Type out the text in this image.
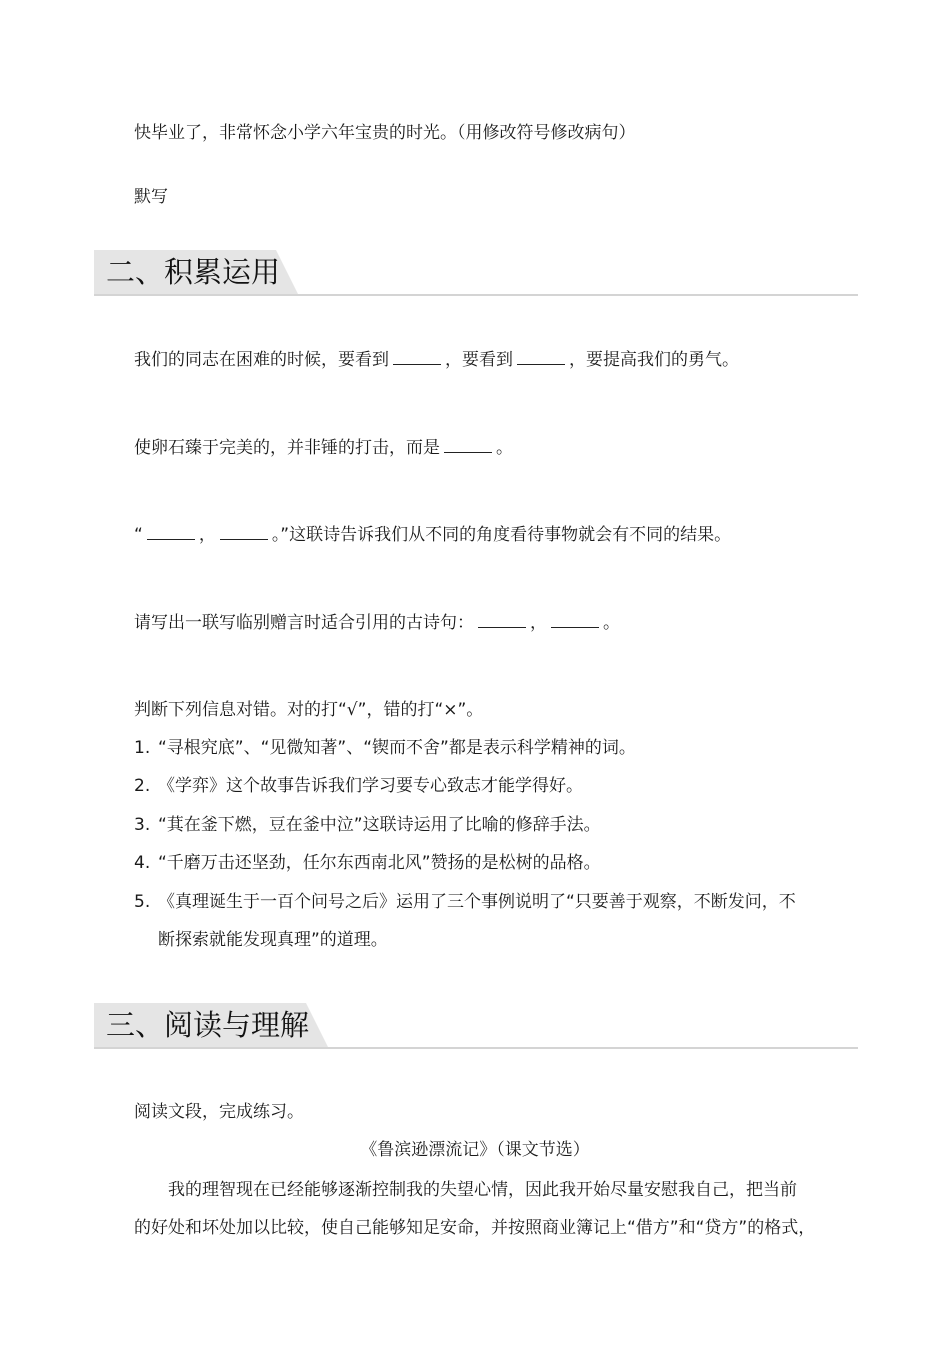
快毕业了，非常怀念小学六年宝贵的时光。（用修改符号修改病句）
默写
二、积累运用
我们的同志在困难的时候，要看到	，要看到	，要提高我们的勇气。
使卵石臻于完美的，并非锤的打击，而是	。
“	，	。”这联诗告诉我们从不同的角度看待事物就会有不同的结果。
请写出一联写临别赠言时适合引用的古诗句：	，	。
判断下列信息对错。对的打“√”，错的打“×”。
1. “寻根究底”、“见微知著”、“锲而不舍”都是表示科学精神的词。
2. 《学弈》这个故事告诉我们学习要专心致志才能学得好。
3. “萁在釜下燃，豆在釜中泣”这联诗运用了比喻的修辞手法。
4. “千磨万击还坚劲，任尔东西南北风”赞扬的是松树的品格。
5. 《真理诞生于一百个问号之后》运用了三个事例说明了“只要善于观察，不断发问，不
断探索就能发现真理”的道理。
三、阅读与理解
阅读文段，完成练习。
《鲁滨逊漂流记》（课文节选）
我的理智现在已经能够逐渐控制我的失望心情，因此我开始尽量安慰我自己，把当前
的好处和坏处加以比较，使自己能够知足安命，并按照商业簿记上“借方”和“贷方”的格式，
